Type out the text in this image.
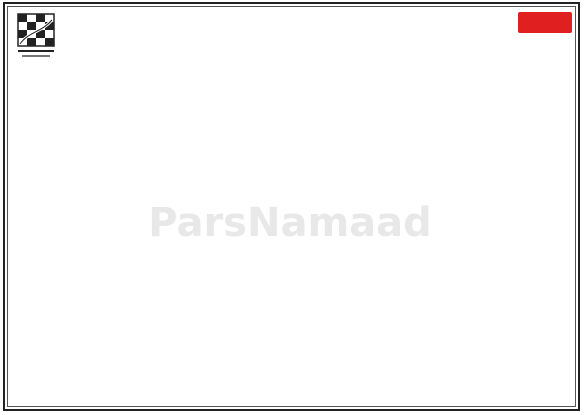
ParsNamaad
